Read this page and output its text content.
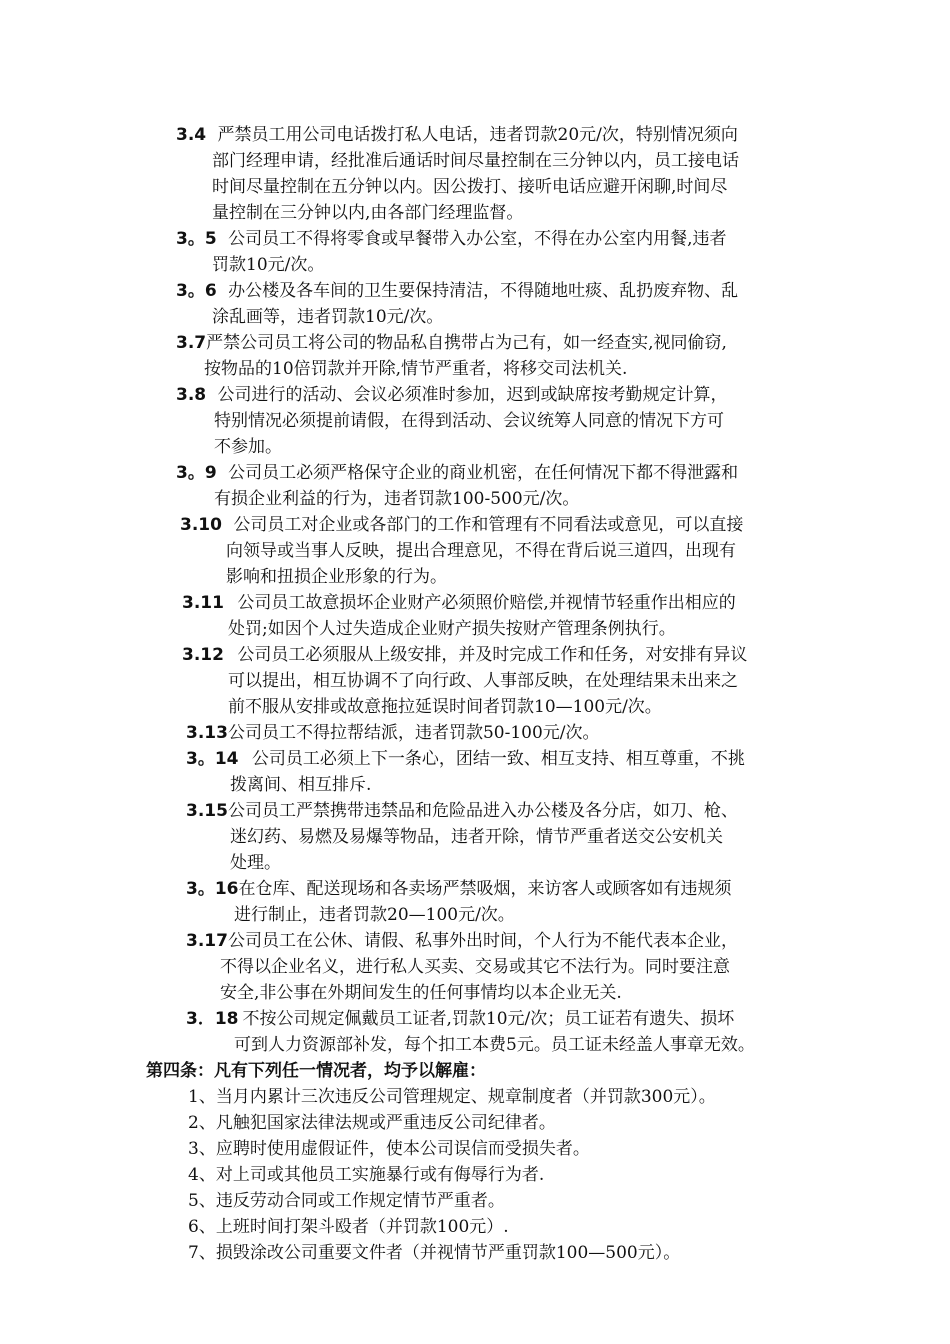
3.4 严禁员工用公司电话拨打私人电话，违者罚款20元/次，特别情况须向
部门经理申请，经批准后通话时间尽量控制在三分钟以内，员工接电话
时间尽量控制在五分钟以内。因公拨打、接听电话应避开闲聊,时间尽
量控制在三分钟以内,由各部门经理监督。
3。5 公司员工不得将零食或早餐带入办公室，不得在办公室内用餐,违者
罚款10元/次。
3。6 办公楼及各车间的卫生要保持清洁，不得随地吐痰、乱扔废弃物、乱
涂乱画等，违者罚款10元/次。
3.7严禁公司员工将公司的物品私自携带占为己有，如一经查实,视同偷窃,
按物品的10倍罚款并开除,情节严重者，将移交司法机关.
3.8 公司进行的活动、会议必须准时参加，迟到或缺席按考勤规定计算，
特别情况必须提前请假，在得到活动、会议统筹人同意的情况下方可
不参加。
3。9 公司员工必须严格保守企业的商业机密，在任何情况下都不得泄露和
有损企业利益的行为，违者罚款100-500元/次。
3.10 公司员工对企业或各部门的工作和管理有不同看法或意见，可以直接
向领导或当事人反映，提出合理意见，不得在背后说三道四，出现有
影响和扭损企业形象的行为。
3.11 公司员工故意损坏企业财产必须照价赔偿,并视情节轻重作出相应的
处罚;如因个人过失造成企业财产损失按财产管理条例执行。
3.12 公司员工必须服从上级安排，并及时完成工作和任务，对安排有异议
可以提出，相互协调不了向行政、人事部反映，在处理结果未出来之
前不服从安排或故意拖拉延误时间者罚款10—100元/次。
3.13公司员工不得拉帮结派，违者罚款50-100元/次。
3。14 公司员工必须上下一条心，团结一致、相互支持、相互尊重，不挑
拨离间、相互排斥.
3.15公司员工严禁携带违禁品和危险品进入办公楼及各分店，如刀、枪、
迷幻药、易燃及易爆等物品，违者开除，情节严重者送交公安机关
处理。
3。16在仓库、配送现场和各卖场严禁吸烟，来访客人或顾客如有违规须
进行制止，违者罚款20—100元/次。
3.17公司员工在公休、请假、私事外出时间，个人行为不能代表本企业，
不得以企业名义，进行私人买卖、交易或其它不法行为。同时要注意
安全,非公事在外期间发生的任何事情均以本企业无关.
3．18 不按公司规定佩戴员工证者,罚款10元/次；员工证若有遗失、损坏
可到人力资源部补发，每个扣工本费5元。员工证未经盖人事章无效。
第四条：凡有下列任一情况者，均予以解雇：
1、当月内累计三次违反公司管理规定、规章制度者（并罚款300元）。
2、凡触犯国家法律法规或严重违反公司纪律者。
3、应聘时使用虚假证件，使本公司误信而受损失者。
4、对上司或其他员工实施暴行或有侮辱行为者.
5、违反劳动合同或工作规定情节严重者。
6、上班时间打架斗殴者（并罚款100元）.
7、损毁涂改公司重要文件者（并视情节严重罚款100—500元）。
